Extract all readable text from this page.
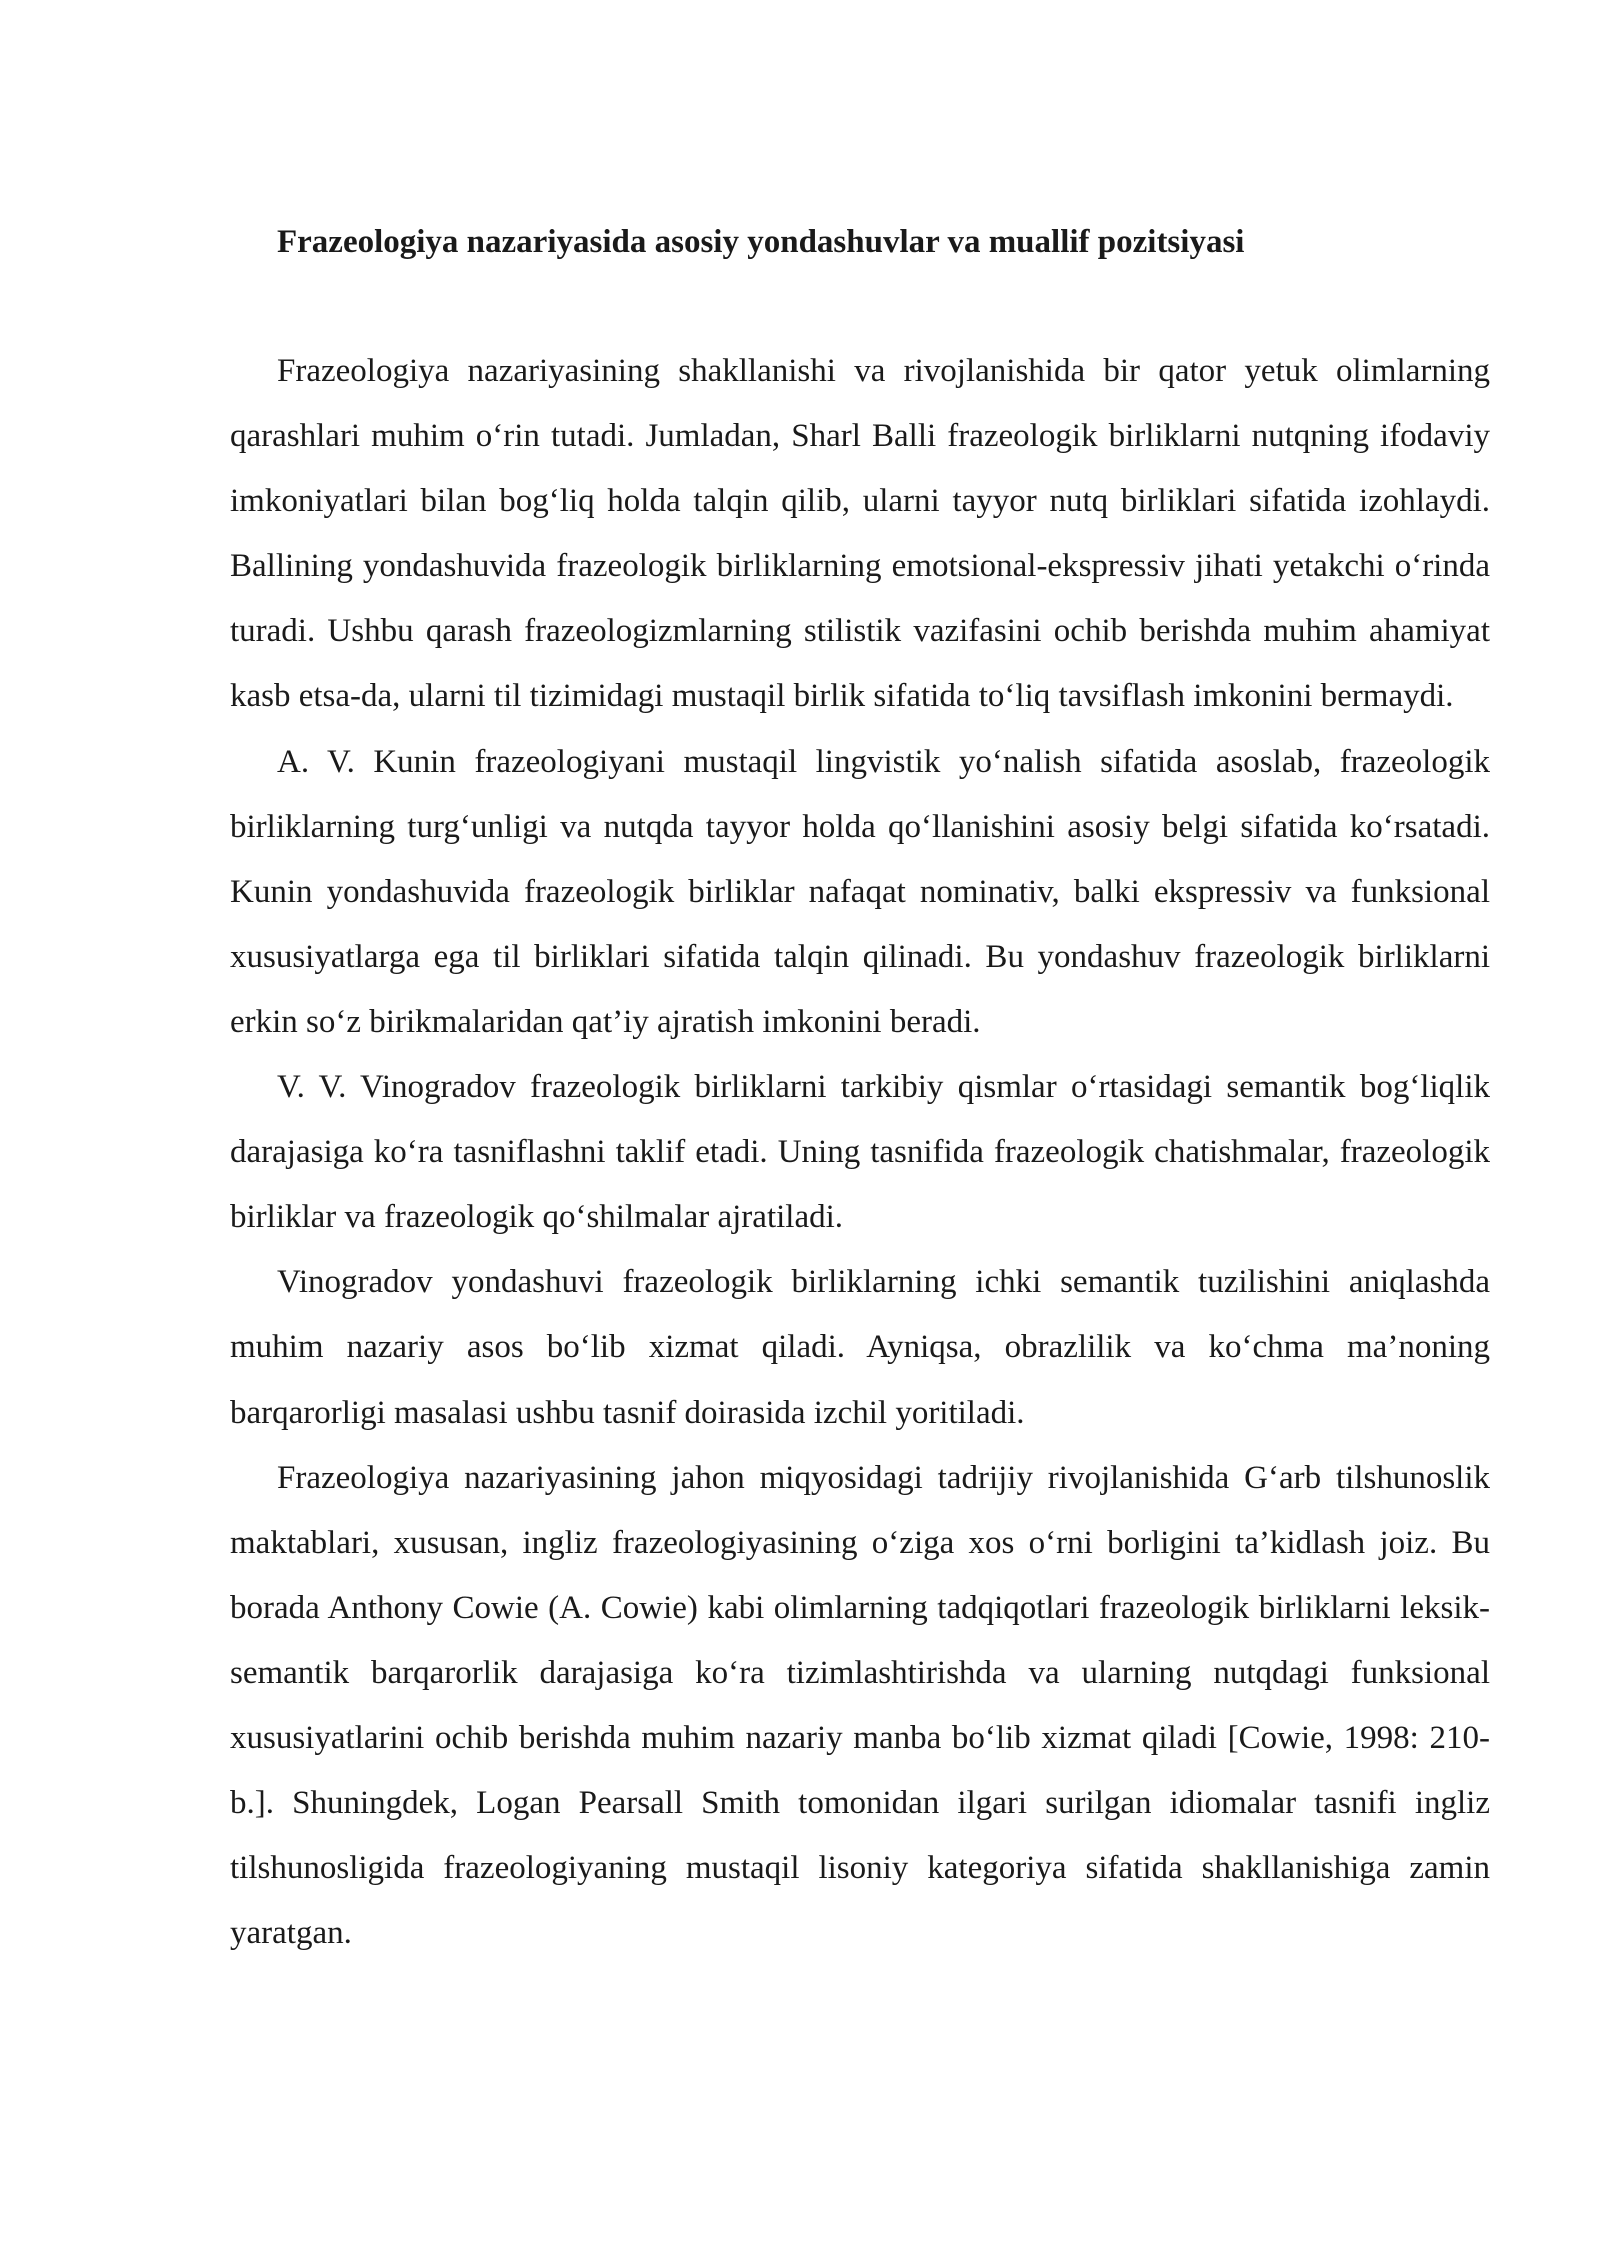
Frazeologiya nazariyasida asosiy yondashuvlar va muallif pozitsiyasi

Frazeologiya nazariyasining shakllanishi va rivojlanishida bir qator yetuk olimlarning qarashlari muhim o‘rin tutadi. Jumladan, Sharl Balli frazeologik birliklarni nutqning ifodaviy imkoniyatlari bilan bog‘liq holda talqin qilib, ularni tayyor nutq birliklari sifatida izohlaydi. Ballining yondashuvida frazeologik birliklarning emotsional-ekspressiv jihati yetakchi o‘rinda turadi. Ushbu qarash frazeologizmlarning stilistik vazifasini ochib berishda muhim ahamiyat kasb etsa-da, ularni til tizimidagi mustaqil birlik sifatida to‘liq tavsiflash imkonini bermaydi.

A. V. Kunin frazeologiyani mustaqil lingvistik yo‘nalish sifatida asoslab, frazeologik birliklarning turg‘unligi va nutqda tayyor holda qo‘llanishini asosiy belgi sifatida ko‘rsatadi. Kunin yondashuvida frazeologik birliklar nafaqat nominativ, balki ekspressiv va funksional xususiyatlarga ega til birliklari sifatida talqin qilinadi. Bu yondashuv frazeologik birliklarni erkin so‘z birikmalaridan qat’iy ajratish imkonini beradi.

V. V. Vinogradov frazeologik birliklarni tarkibiy qismlar o‘rtasidagi semantik bog‘liqlik darajasiga ko‘ra tasniflashni taklif etadi. Uning tasnifida frazeologik chatishmalar, frazeologik birliklar va frazeologik qo‘shilmalar ajratiladi.

Vinogradov yondashuvi frazeologik birliklarning ichki semantik tuzilishini aniqlashda muhim nazariy asos bo‘lib xizmat qiladi. Ayniqsa, obrazlilik va ko‘chma ma’noning barqarorligi masalasi ushbu tasnif doirasida izchil yoritiladi.

Frazeologiya nazariyasining jahon miqyosidagi tadrijiy rivojlanishida G‘arb tilshunoslik maktablari, xususan, ingliz frazeologiyasining o‘ziga xos o‘rni borligini ta’kidlash joiz. Bu borada Anthony Cowie (A. Cowie) kabi olimlarning tadqiqotlari frazeologik birliklarni leksik-semantik barqarorlik darajasiga ko‘ra tizimlashtirishda va ularning nutqdagi funksional xususiyatlarini ochib berishda muhim nazariy manba bo‘lib xizmat qiladi [Cowie, 1998: 210-b.]. Shuningdek, Logan Pearsall Smith tomonidan ilgari surilgan idiomalar tasnifi ingliz tilshunosligida frazeologiyaning mustaqil lisoniy kategoriya sifatida shakllanishiga zamin yaratgan.
